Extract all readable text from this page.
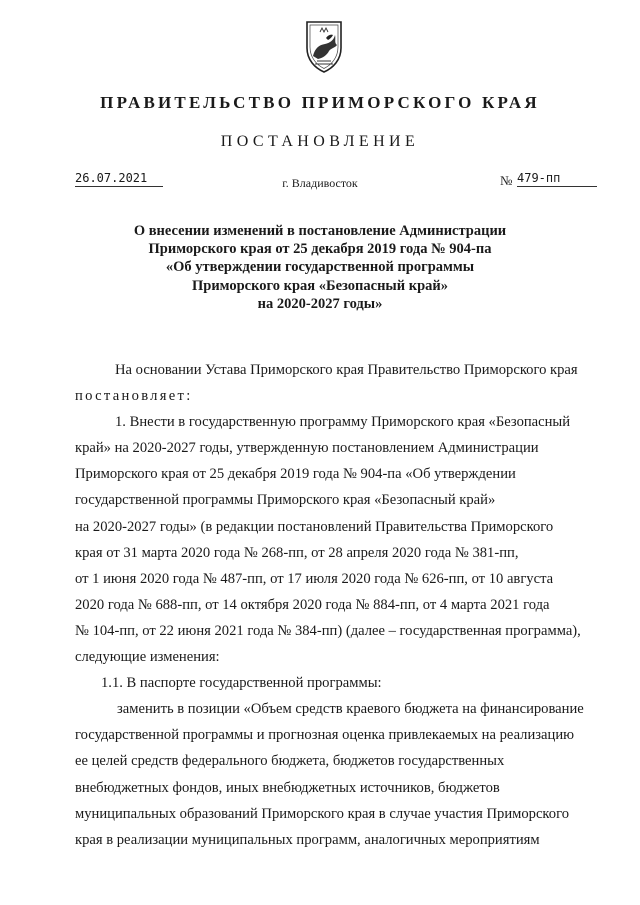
ПРАВИТЕЛЬСТВО ПРИМОРСКОГО КРАЯ
ПОСТАНОВЛЕНИЕ
26.07.2021	г. Владивосток	№ 479-пп
О внесении изменений в постановление Администрации
Приморского края от 25 декабря 2019 года № 904-па
«Об утверждении государственной программы
Приморского края «Безопасный край»
на 2020-2027 годы»
На основании Устава Приморского края Правительство Приморского края
постановляет:
1. Внести в государственную программу Приморского края «Безопасный
край» на 2020-2027 годы, утвержденную постановлением Администрации
Приморского края от 25 декабря 2019 года № 904-па «Об утверждении
государственной программы Приморского края «Безопасный край»
на 2020-2027 годы» (в редакции постановлений Правительства Приморского
края от 31 марта 2020 года № 268-пп, от 28 апреля 2020 года № 381-пп,
от 1 июня 2020 года № 487-пп, от 17 июля 2020 года № 626-пп, от 10 августа
2020 года № 688-пп, от 14 октября 2020 года № 884-пп, от 4 марта 2021 года
№ 104-пп, от 22 июня 2021 года № 384-пп) (далее – государственная программа),
следующие изменения:
1.1. В паспорте государственной программы:
заменить в позиции «Объем средств краевого бюджета на финансирование
государственной программы и прогнозная оценка привлекаемых на реализацию
ее целей средств федерального бюджета, бюджетов государственных
внебюджетных фондов, иных внебюджетных источников, бюджетов
муниципальных образований Приморского края в случае участия Приморского
края в реализации муниципальных программ, аналогичных мероприятиям
